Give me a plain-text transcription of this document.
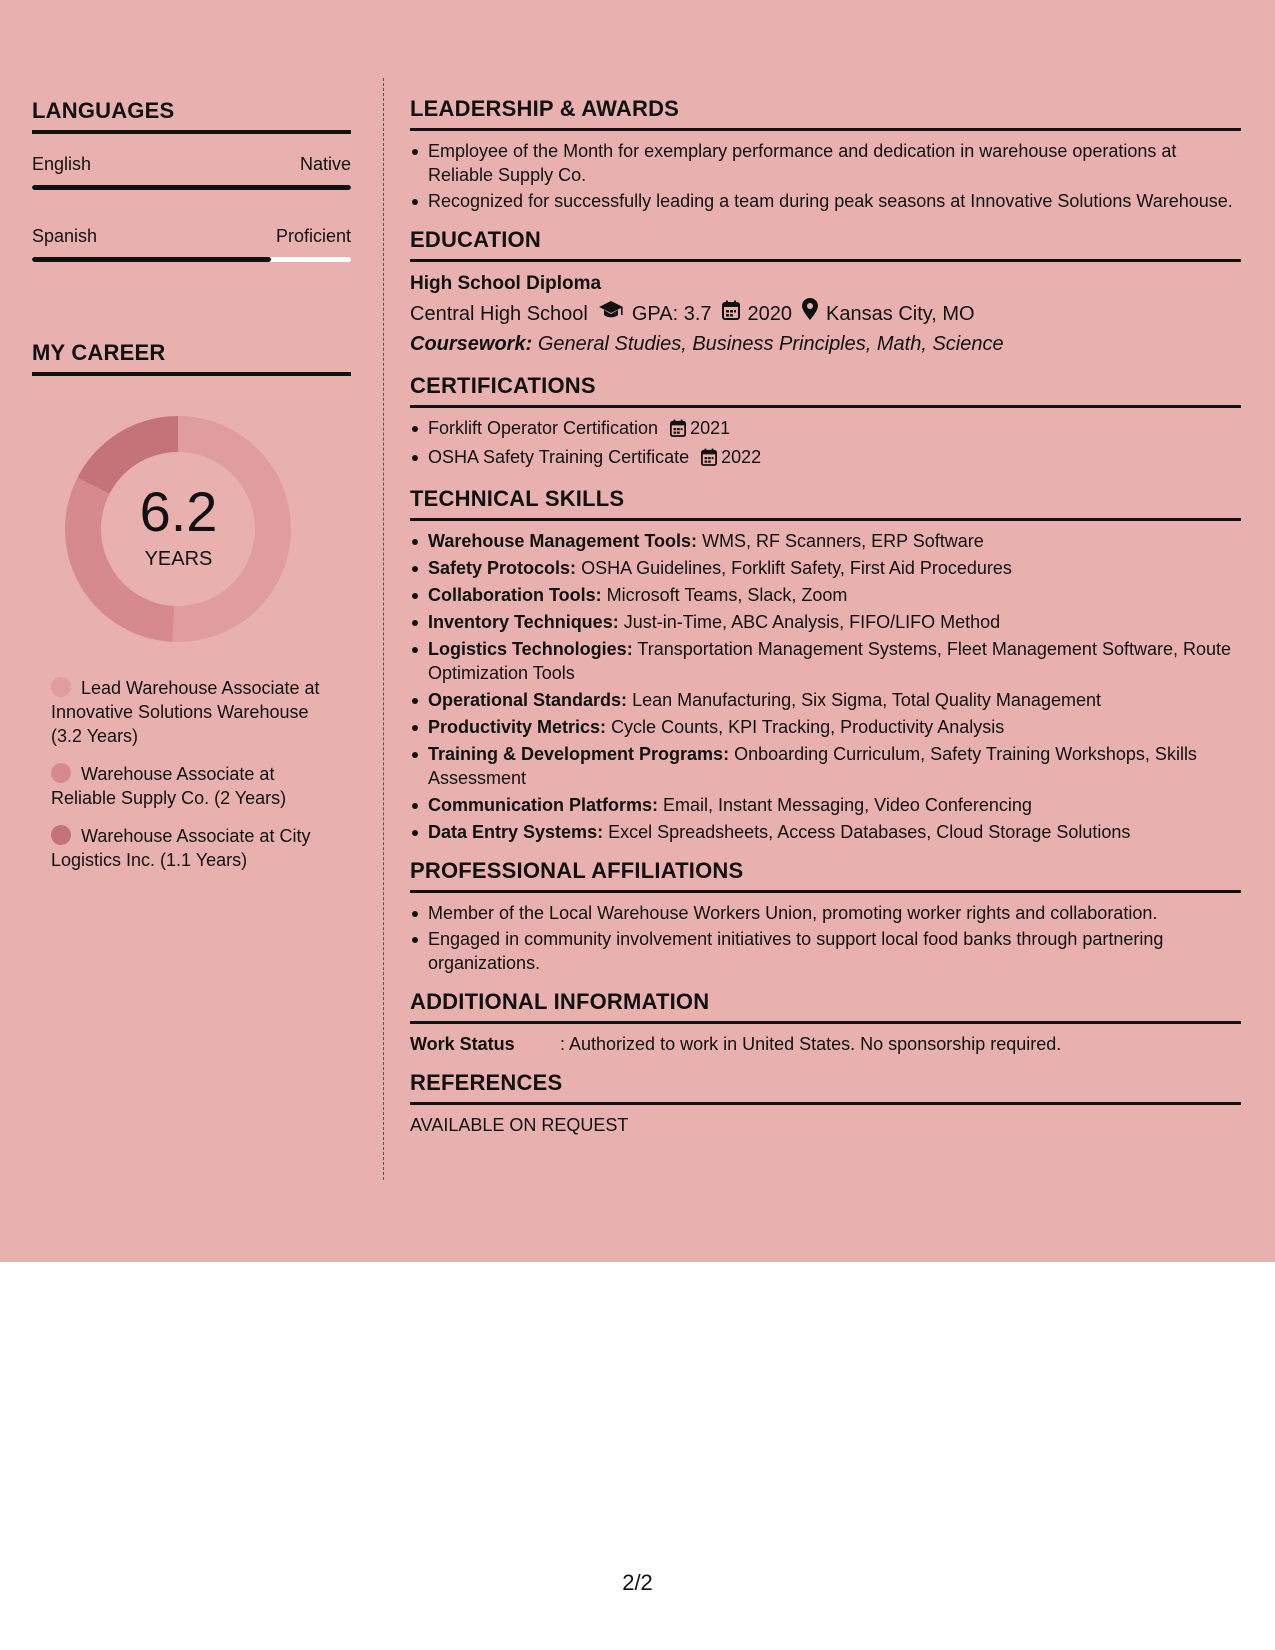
LANGUAGES
English	Native
Spanish	Proficient
MY CAREER
6.2
YEARS
Lead Warehouse Associate at Innovative Solutions Warehouse (3.2 Years)
Warehouse Associate at Reliable Supply Co. (2 Years)
Warehouse Associate at City Logistics Inc. (1.1 Years)
LEADERSHIP & AWARDS
Employee of the Month for exemplary performance and dedication in warehouse operations at Reliable Supply Co.
Recognized for successfully leading a team during peak seasons at Innovative Solutions Warehouse.
EDUCATION
High School Diploma
Central High School GPA: 3.7 2020 Kansas City, MO
Coursework: General Studies, Business Principles, Math, Science
CERTIFICATIONS
Forklift Operator Certification 2021
OSHA Safety Training Certificate 2022
TECHNICAL SKILLS
Warehouse Management Tools: WMS, RF Scanners, ERP Software
Safety Protocols: OSHA Guidelines, Forklift Safety, First Aid Procedures
Collaboration Tools: Microsoft Teams, Slack, Zoom
Inventory Techniques: Just-in-Time, ABC Analysis, FIFO/LIFO Method
Logistics Technologies: Transportation Management Systems, Fleet Management Software, Route Optimization Tools
Operational Standards: Lean Manufacturing, Six Sigma, Total Quality Management
Productivity Metrics: Cycle Counts, KPI Tracking, Productivity Analysis
Training & Development Programs: Onboarding Curriculum, Safety Training Workshops, Skills Assessment
Communication Platforms: Email, Instant Messaging, Video Conferencing
Data Entry Systems: Excel Spreadsheets, Access Databases, Cloud Storage Solutions
PROFESSIONAL AFFILIATIONS
Member of the Local Warehouse Workers Union, promoting worker rights and collaboration.
Engaged in community involvement initiatives to support local food banks through partnering organizations.
ADDITIONAL INFORMATION
Work Status	: Authorized to work in United States. No sponsorship required.
REFERENCES
AVAILABLE ON REQUEST
2/2
